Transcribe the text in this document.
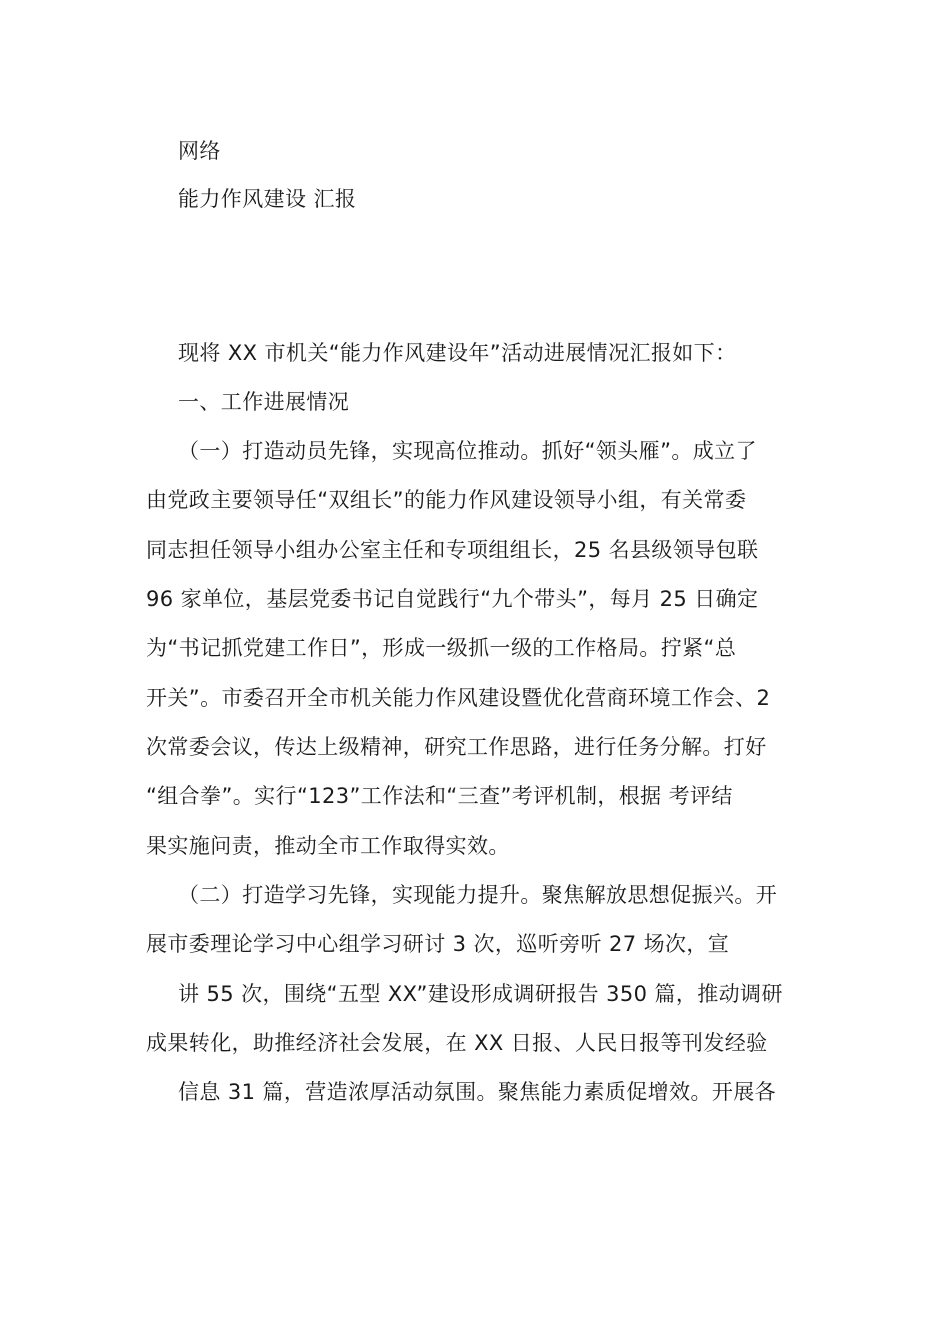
网络
能力作风建设 汇报
现将 XX 市机关“能力作风建设年”活动进展情况汇报如下：
一、工作进展情况
（一）打造动员先锋，实现高位推动。抓好“领头雁”。成立了
由党政主要领导任“双组长”的能力作风建设领导小组，有关常委
同志担任领导小组办公室主任和专项组组长，25 名县级领导包联
96 家单位，基层党委书记自觉践行“九个带头”，每月 25 日确定
为“书记抓党建工作日”，形成一级抓一级的工作格局。拧紧“总
开关”。市委召开全市机关能力作风建设暨优化营商环境工作会、2
次常委会议，传达上级精神，研究工作思路，进行任务分解。打好
“组合拳”。实行“123”工作法和“三查”考评机制，根据 考评结
果实施问责，推动全市工作取得实效。
（二）打造学习先锋，实现能力提升。聚焦解放思想促振兴。开
展市委理论学习中心组学习研讨 3 次，巡听旁听 27 场次，宣
讲 55 次，围绕“五型 XX”建设形成调研报告 350 篇，推动调研
成果转化，助推经济社会发展，在 XX 日报、人民日报等刊发经验
信息 31 篇，营造浓厚活动氛围。聚焦能力素质促增效。开展各
